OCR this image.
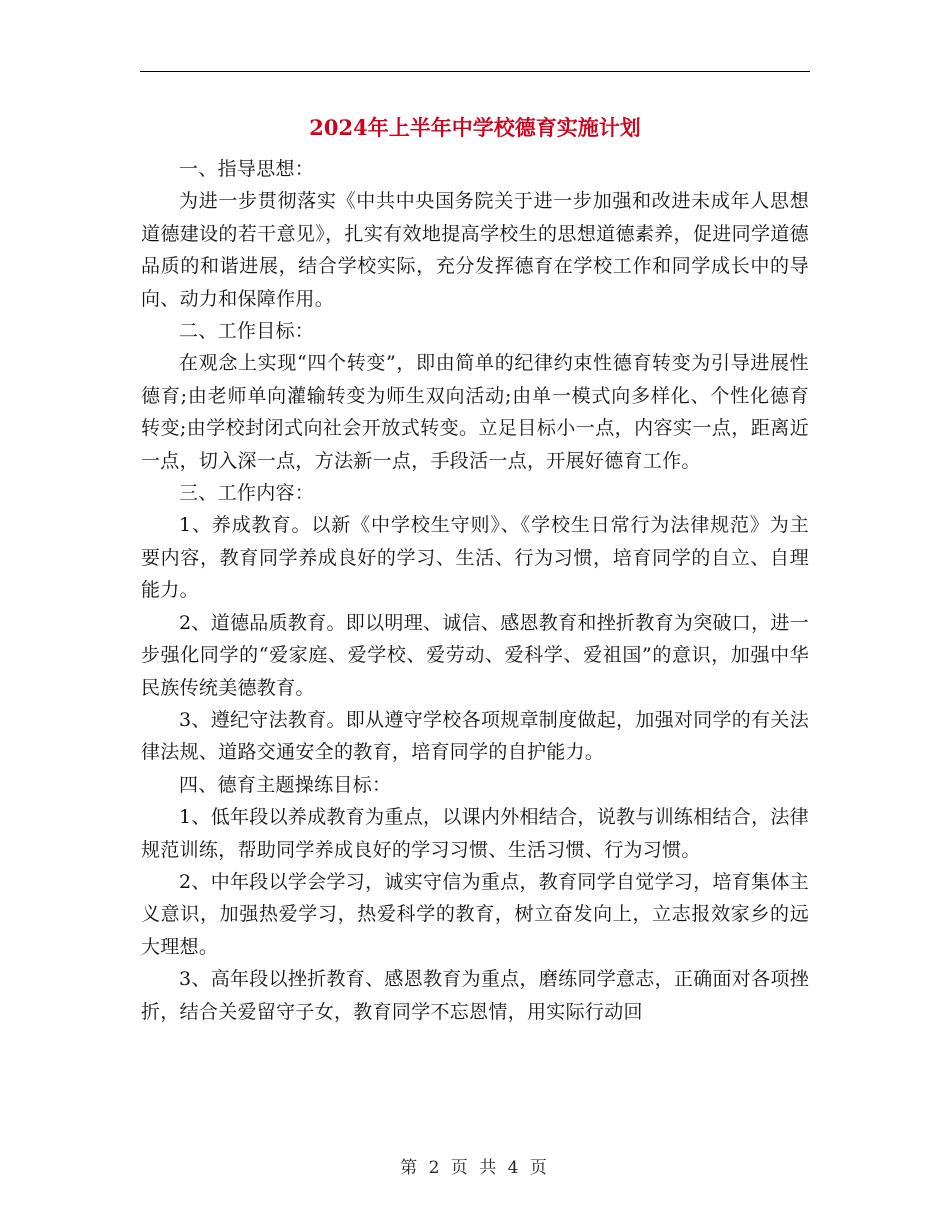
2024年上半年中学校德育实施计划

一、指导思想：

为进一步贯彻落实《中共中央国务院关于进一步加强和改进未成年人思想道德建设的若干意见》，扎实有效地提高学校生的思想道德素养，促进同学道德品质的和谐进展，结合学校实际，充分发挥德育在学校工作和同学成长中的导向、动力和保障作用。

二、工作目标：

在观念上实现“四个转变”，即由简单的纪律约束性德育转变为引导进展性德育;由老师单向灌输转变为师生双向活动;由单一模式向多样化、个性化德育转变;由学校封闭式向社会开放式转变。立足目标小一点，内容实一点，距离近一点，切入深一点，方法新一点，手段活一点，开展好德育工作。

三、工作内容：

1、养成教育。以新《中学校生守则》、《学校生日常行为法律规范》为主要内容，教育同学养成良好的学习、生活、行为习惯，培育同学的自立、自理能力。

2、道德品质教育。即以明理、诚信、感恩教育和挫折教育为突破口，进一步强化同学的“爱家庭、爱学校、爱劳动、爱科学、爱祖国”的意识，加强中华民族传统美德教育。

3、遵纪守法教育。即从遵守学校各项规章制度做起，加强对同学的有关法律法规、道路交通安全的教育，培育同学的自护能力。

四、德育主题操练目标：

1、低年段以养成教育为重点，以课内外相结合，说教与训练相结合，法律规范训练，帮助同学养成良好的学习习惯、生活习惯、行为习惯。

2、中年段以学会学习，诚实守信为重点，教育同学自觉学习，培育集体主义意识，加强热爱学习，热爱科学的教育，树立奋发向上，立志报效家乡的远大理想。

3、高年段以挫折教育、感恩教育为重点，磨练同学意志，正确面对各项挫折，结合关爱留守子女，教育同学不忘恩情，用实际行动回

第 2 页 共 4 页
